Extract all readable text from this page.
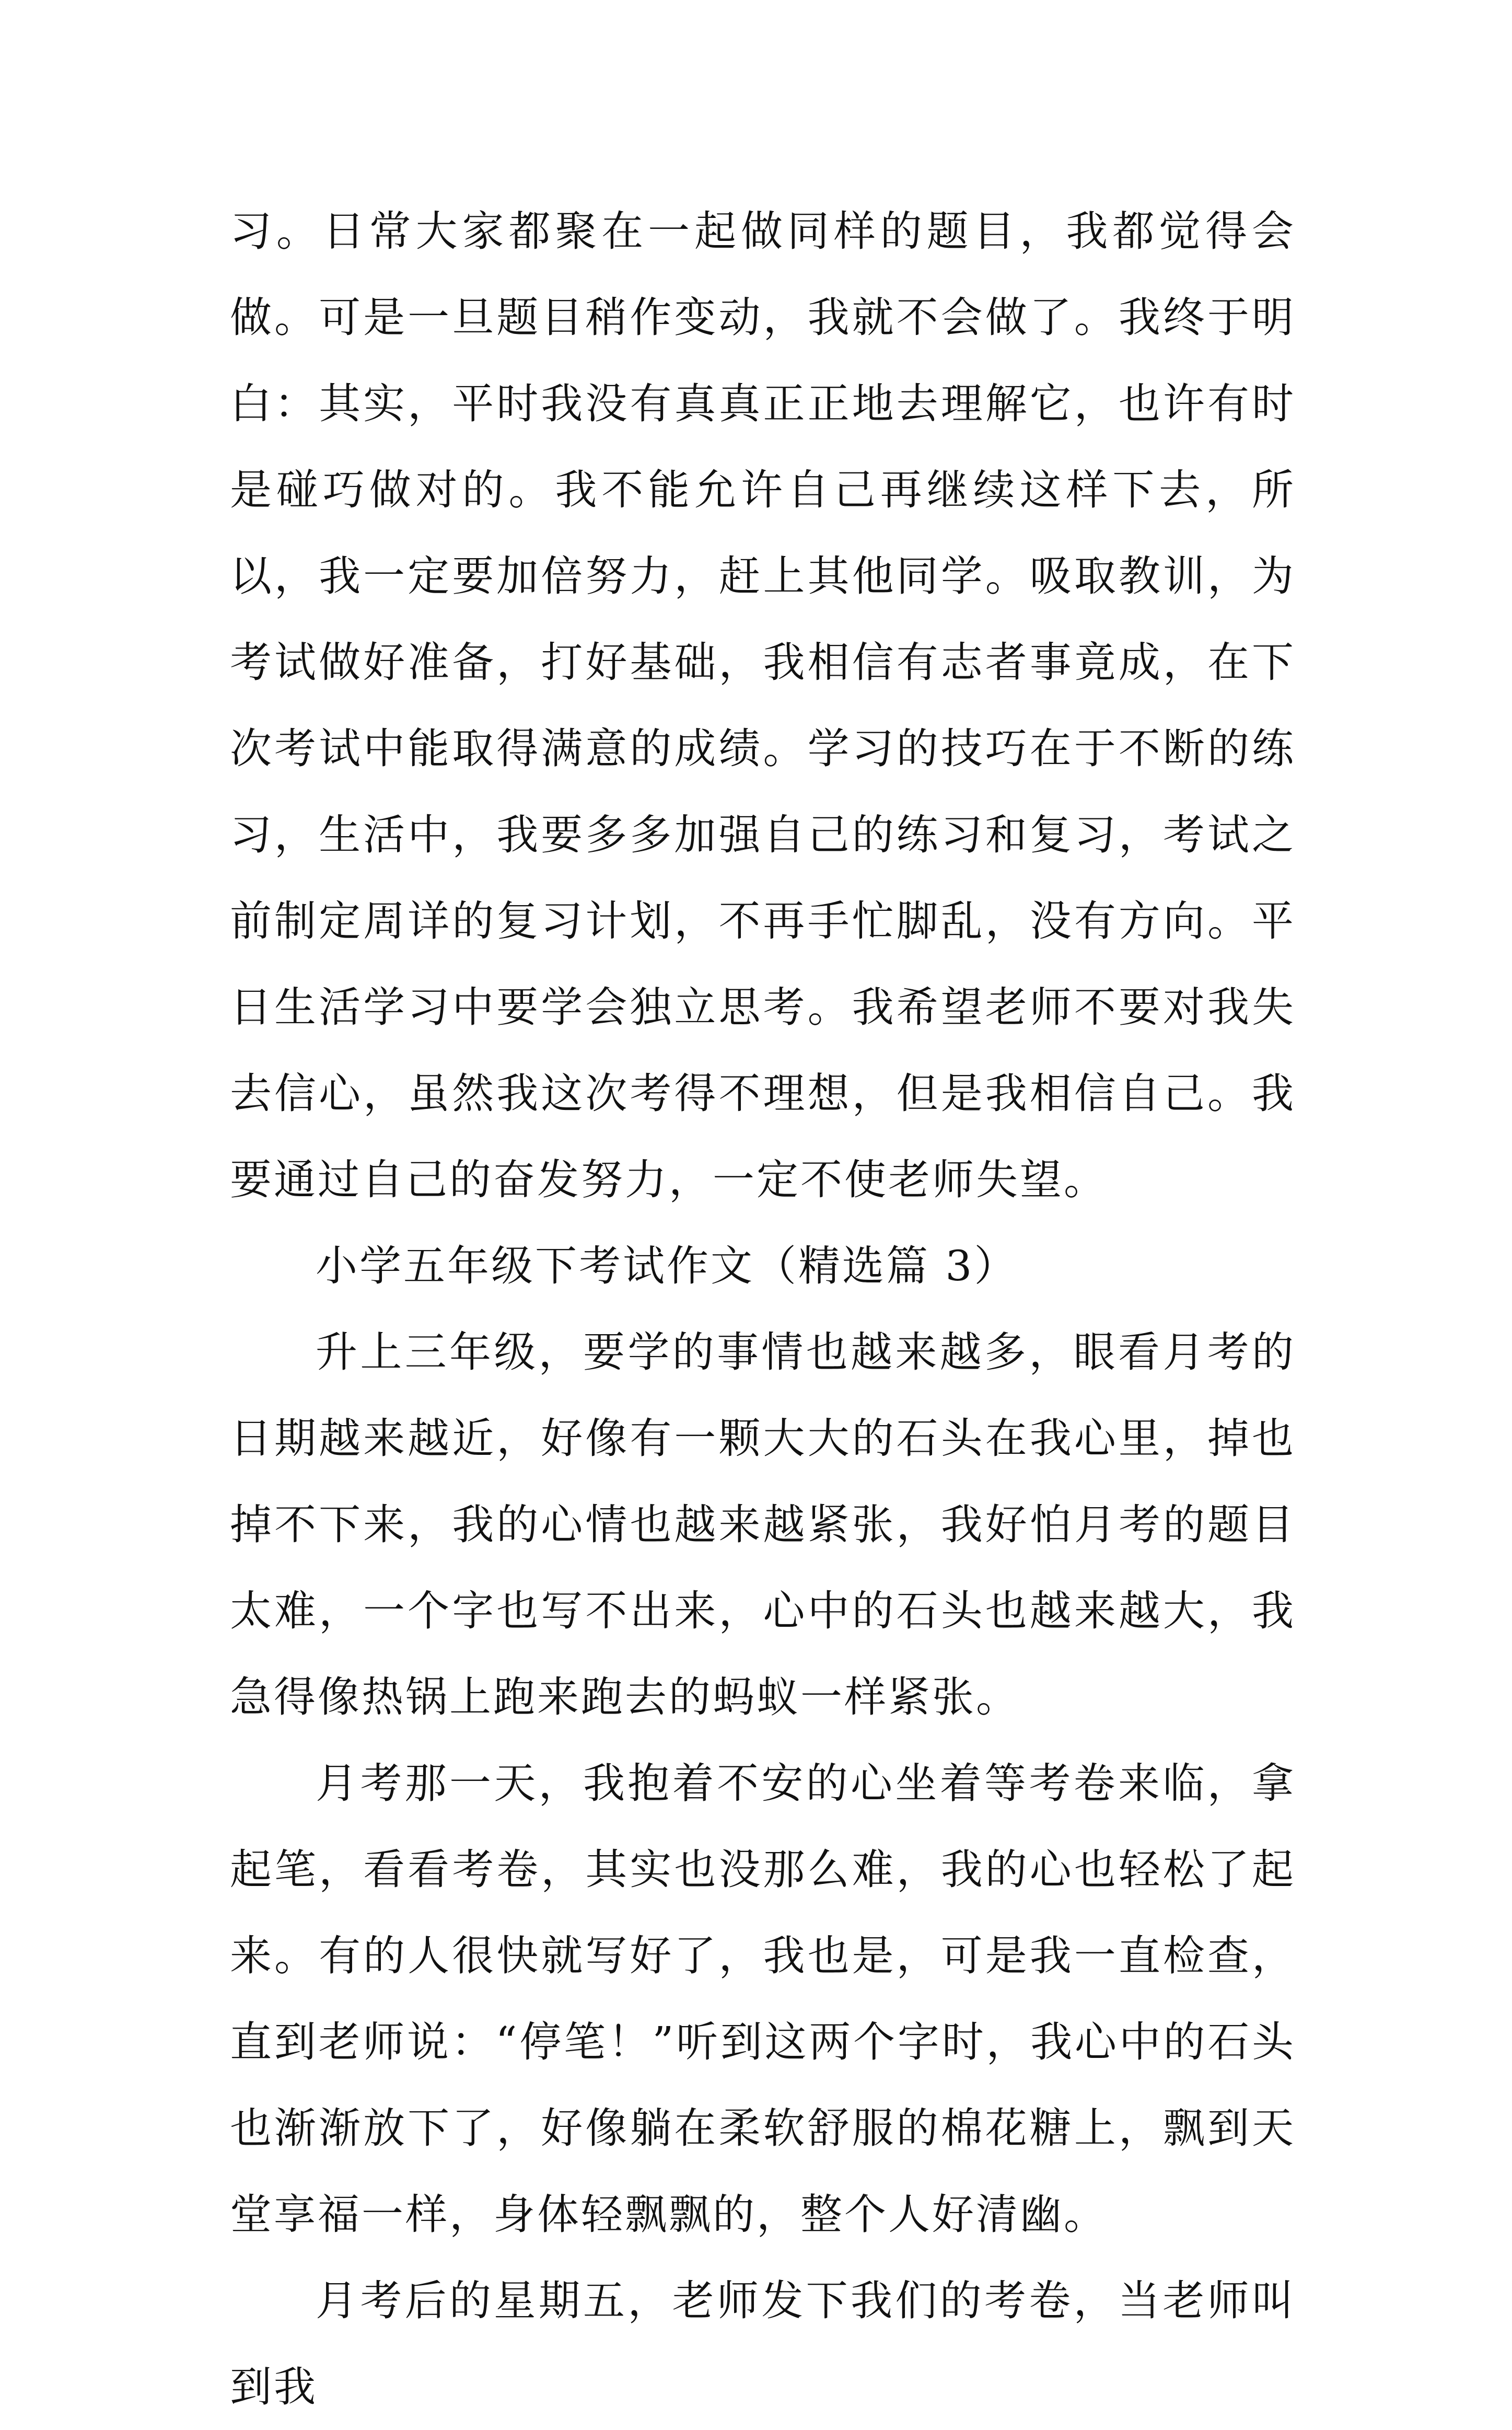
习。日常大家都聚在一起做同样的题目，我都觉得会做。可是一旦题目稍作变动，我就不会做了。我终于明白：其实，平时我没有真真正正地去理解它，也许有时是碰巧做对的。我不能允许自己再继续这样下去，所以，我一定要加倍努力，赶上其他同学。吸取教训，为考试做好准备，打好基础，我相信有志者事竟成，在下次考试中能取得满意的成绩。学习的技巧在于不断的练习，生活中，我要多多加强自己的练习和复习，考试之前制定周详的复习计划，不再手忙脚乱，没有方向。平日生活学习中要学会独立思考。我希望老师不要对我失去信心，虽然我这次考得不理想，但是我相信自己。我要通过自己的奋发努力，一定不使老师失望。

小学五年级下考试作文（精选篇 3）

升上三年级，要学的事情也越来越多，眼看月考的日期越来越近，好像有一颗大大的石头在我心里，掉也掉不下来，我的心情也越来越紧张，我好怕月考的题目太难，一个字也写不出来，心中的石头也越来越大，我急得像热锅上跑来跑去的蚂蚁一样紧张。

月考那一天，我抱着不安的心坐着等考卷来临，拿起笔，看看考卷，其实也没那么难，我的心也轻松了起来。有的人很快就写好了，我也是，可是我一直检查，直到老师说：“停笔！”听到这两个字时，我心中的石头也渐渐放下了，好像躺在柔软舒服的棉花糖上，飘到天堂享福一样，身体轻飘飘的，整个人好清幽。

月考后的星期五，老师发下我们的考卷，当老师叫到我
